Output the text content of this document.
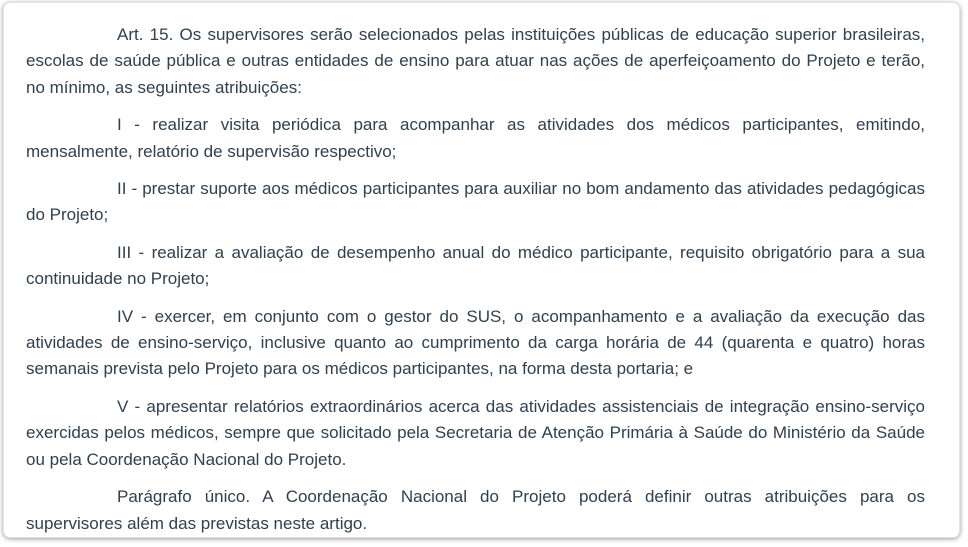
Art. 15. Os supervisores serão selecionados pelas instituições públicas de educação superior brasileiras, escolas de saúde pública e outras entidades de ensino para atuar nas ações de aperfeiçoamento do Projeto e terão, no mínimo, as seguintes atribuições:

I - realizar visita periódica para acompanhar as atividades dos médicos participantes, emitindo, mensalmente, relatório de supervisão respectivo;

II - prestar suporte aos médicos participantes para auxiliar no bom andamento das atividades pedagógicas do Projeto;

III - realizar a avaliação de desempenho anual do médico participante, requisito obrigatório para a sua continuidade no Projeto;

IV - exercer, em conjunto com o gestor do SUS, o acompanhamento e a avaliação da execução das atividades de ensino-serviço, inclusive quanto ao cumprimento da carga horária de 44 (quarenta e quatro) horas semanais prevista pelo Projeto para os médicos participantes, na forma desta portaria; e

V - apresentar relatórios extraordinários acerca das atividades assistenciais de integração ensino-serviço exercidas pelos médicos, sempre que solicitado pela Secretaria de Atenção Primária à Saúde do Ministério da Saúde ou pela Coordenação Nacional do Projeto.

Parágrafo único. A Coordenação Nacional do Projeto poderá definir outras atribuições para os supervisores além das previstas neste artigo.
